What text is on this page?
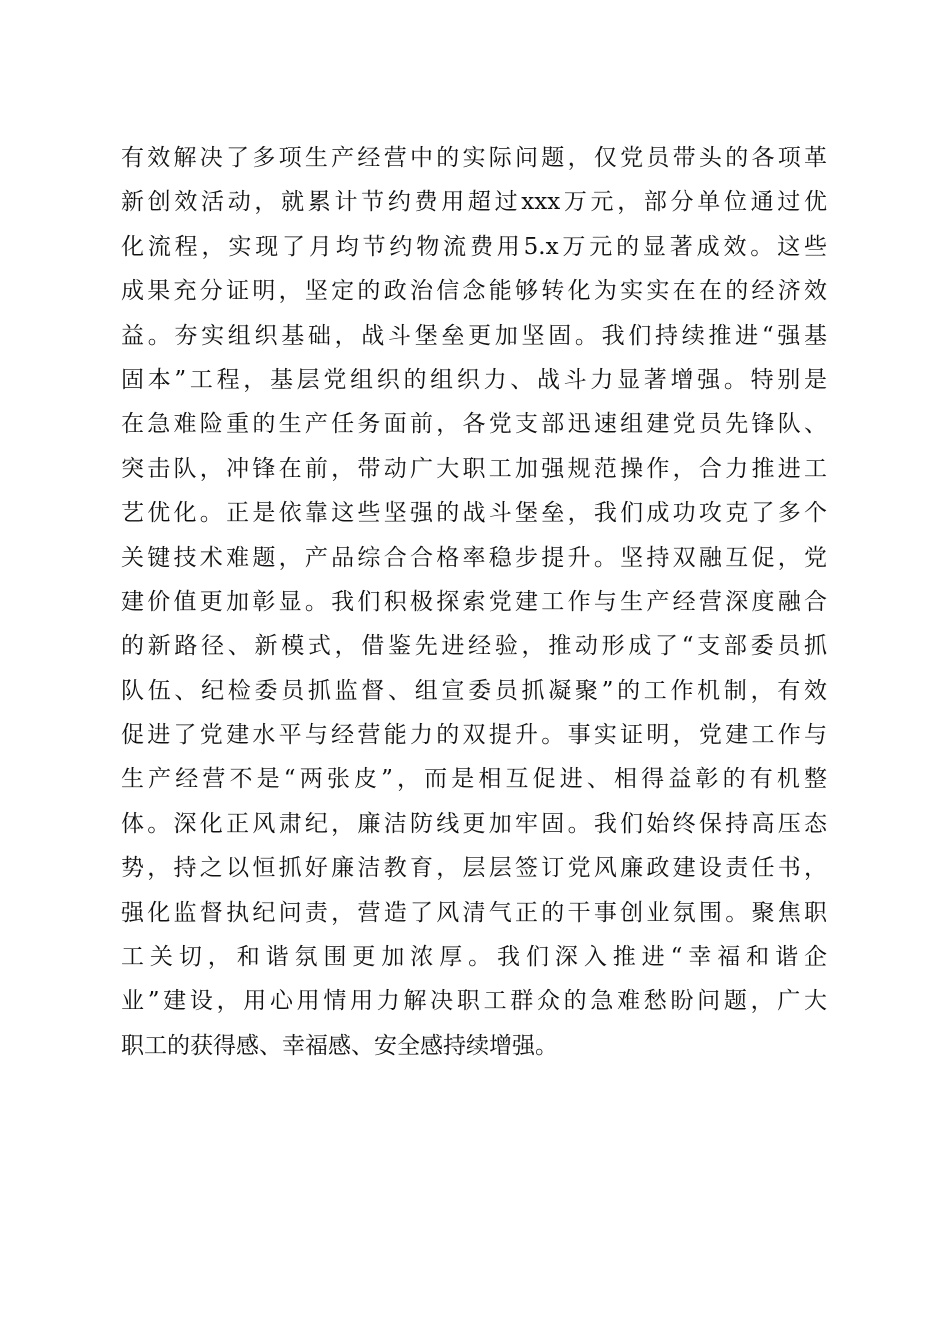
有效解决了多项生产经营中的实际问题，仅党员带头的各项革
新创效活动，就累计节约费用超过xxx万元，部分单位通过优
化流程，实现了月均节约物流费用5.x万元的显著成效。这些
成果充分证明，坚定的政治信念能够转化为实实在在的经济效
益。夯实组织基础，战斗堡垒更加坚固。我们持续推进“强基
固本”工程，基层党组织的组织力、战斗力显著增强。特别是
在急难险重的生产任务面前，各党支部迅速组建党员先锋队、
突击队，冲锋在前，带动广大职工加强规范操作，合力推进工
艺优化。正是依靠这些坚强的战斗堡垒，我们成功攻克了多个
关键技术难题，产品综合合格率稳步提升。坚持双融互促，党
建价值更加彰显。我们积极探索党建工作与生产经营深度融合
的新路径、新模式，借鉴先进经验，推动形成了“支部委员抓
队伍、纪检委员抓监督、组宣委员抓凝聚”的工作机制，有效
促进了党建水平与经营能力的双提升。事实证明，党建工作与
生产经营不是“两张皮”，而是相互促进、相得益彰的有机整
体。深化正风肃纪，廉洁防线更加牢固。我们始终保持高压态
势，持之以恒抓好廉洁教育，层层签订党风廉政建设责任书，
强化监督执纪问责，营造了风清气正的干事创业氛围。聚焦职
工关切，和谐氛围更加浓厚。我们深入推进“幸福和谐企
业”建设，用心用情用力解决职工群众的急难愁盼问题，广大
职工的获得感、幸福感、安全感持续增强。
